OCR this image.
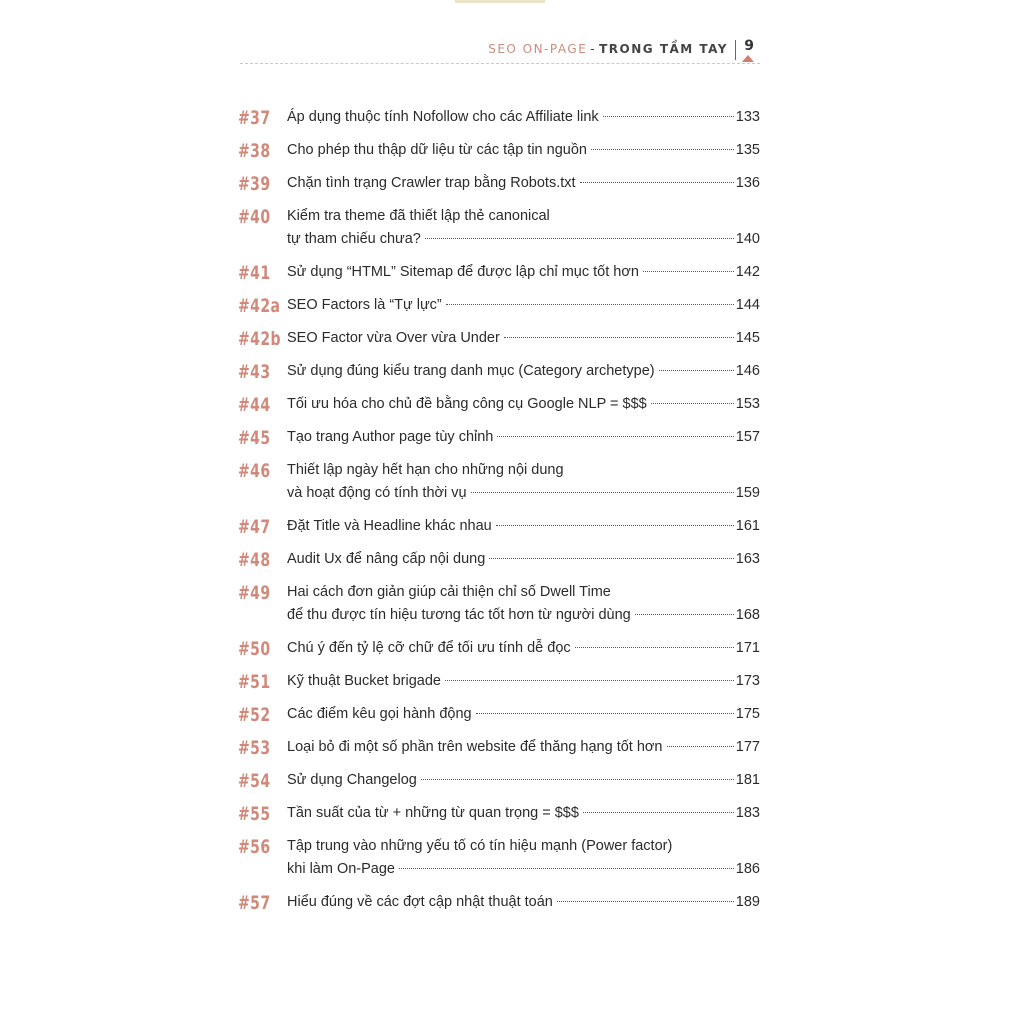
SEO ON-PAGE - TRONG TẦM TAY 9
#37 Áp dụng thuộc tính Nofollow cho các Affiliate link	133
#38 Cho phép thu thập dữ liệu từ các tập tin nguồn	135
#39 Chặn tình trạng Crawler trap bằng Robots.txt	136
#40 Kiểm tra theme đã thiết lập thẻ canonical
tự tham chiếu chưa?	140
#41 Sử dụng “HTML” Sitemap để được lập chỉ mục tốt hơn	142
#42a SEO Factors là “Tự lực”	144
#42b SEO Factor vừa Over vừa Under	145
#43 Sử dụng đúng kiểu trang danh mục (Category archetype)	146
#44 Tối ưu hóa cho chủ đề bằng công cụ Google NLP = $$$	153
#45 Tạo trang Author page tùy chỉnh	157
#46 Thiết lập ngày hết hạn cho những nội dung
và hoạt động có tính thời vụ	159
#47 Đặt Title và Headline khác nhau	161
#48 Audit Ux để nâng cấp nội dung	163
#49 Hai cách đơn giản giúp cải thiện chỉ số Dwell Time
để thu được tín hiệu tương tác tốt hơn từ người dùng	168
#50 Chú ý đến tỷ lệ cỡ chữ để tối ưu tính dễ đọc	171
#51 Kỹ thuật Bucket brigade	173
#52 Các điểm kêu gọi hành động	175
#53 Loại bỏ đi một số phần trên website để thăng hạng tốt hơn	177
#54 Sử dụng Changelog	181
#55 Tần suất của từ + những từ quan trọng = $$$	183
#56 Tập trung vào những yếu tố có tín hiệu mạnh (Power factor)
khi làm On-Page	186
#57 Hiểu đúng về các đợt cập nhật thuật toán	189
